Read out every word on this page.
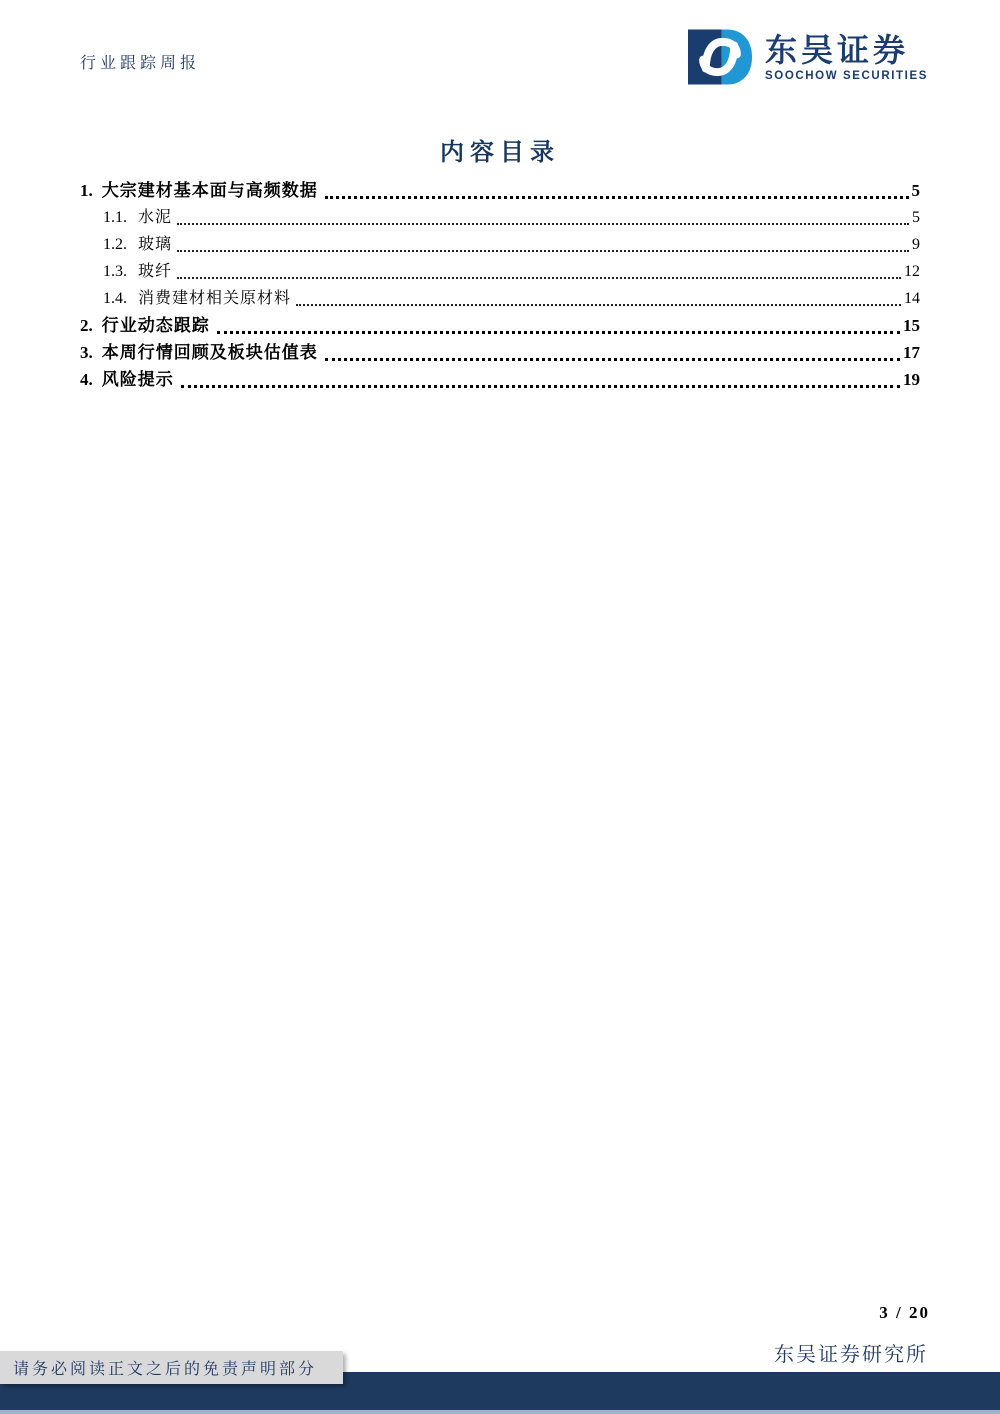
行业跟踪周报	东吴证券
SOOCHOW SECURITIES
内容目录
1. 大宗建材基本面与高频数据	5
1.1. 水泥	5
1.2. 玻璃	9
1.3. 玻纤	12
1.4. 消费建材相关原材料	14
2. 行业动态跟踪	15
3. 本周行情回顾及板块估值表	17
4. 风险提示	19
3 / 20
东吴证券研究所
请务必阅读正文之后的免责声明部分
